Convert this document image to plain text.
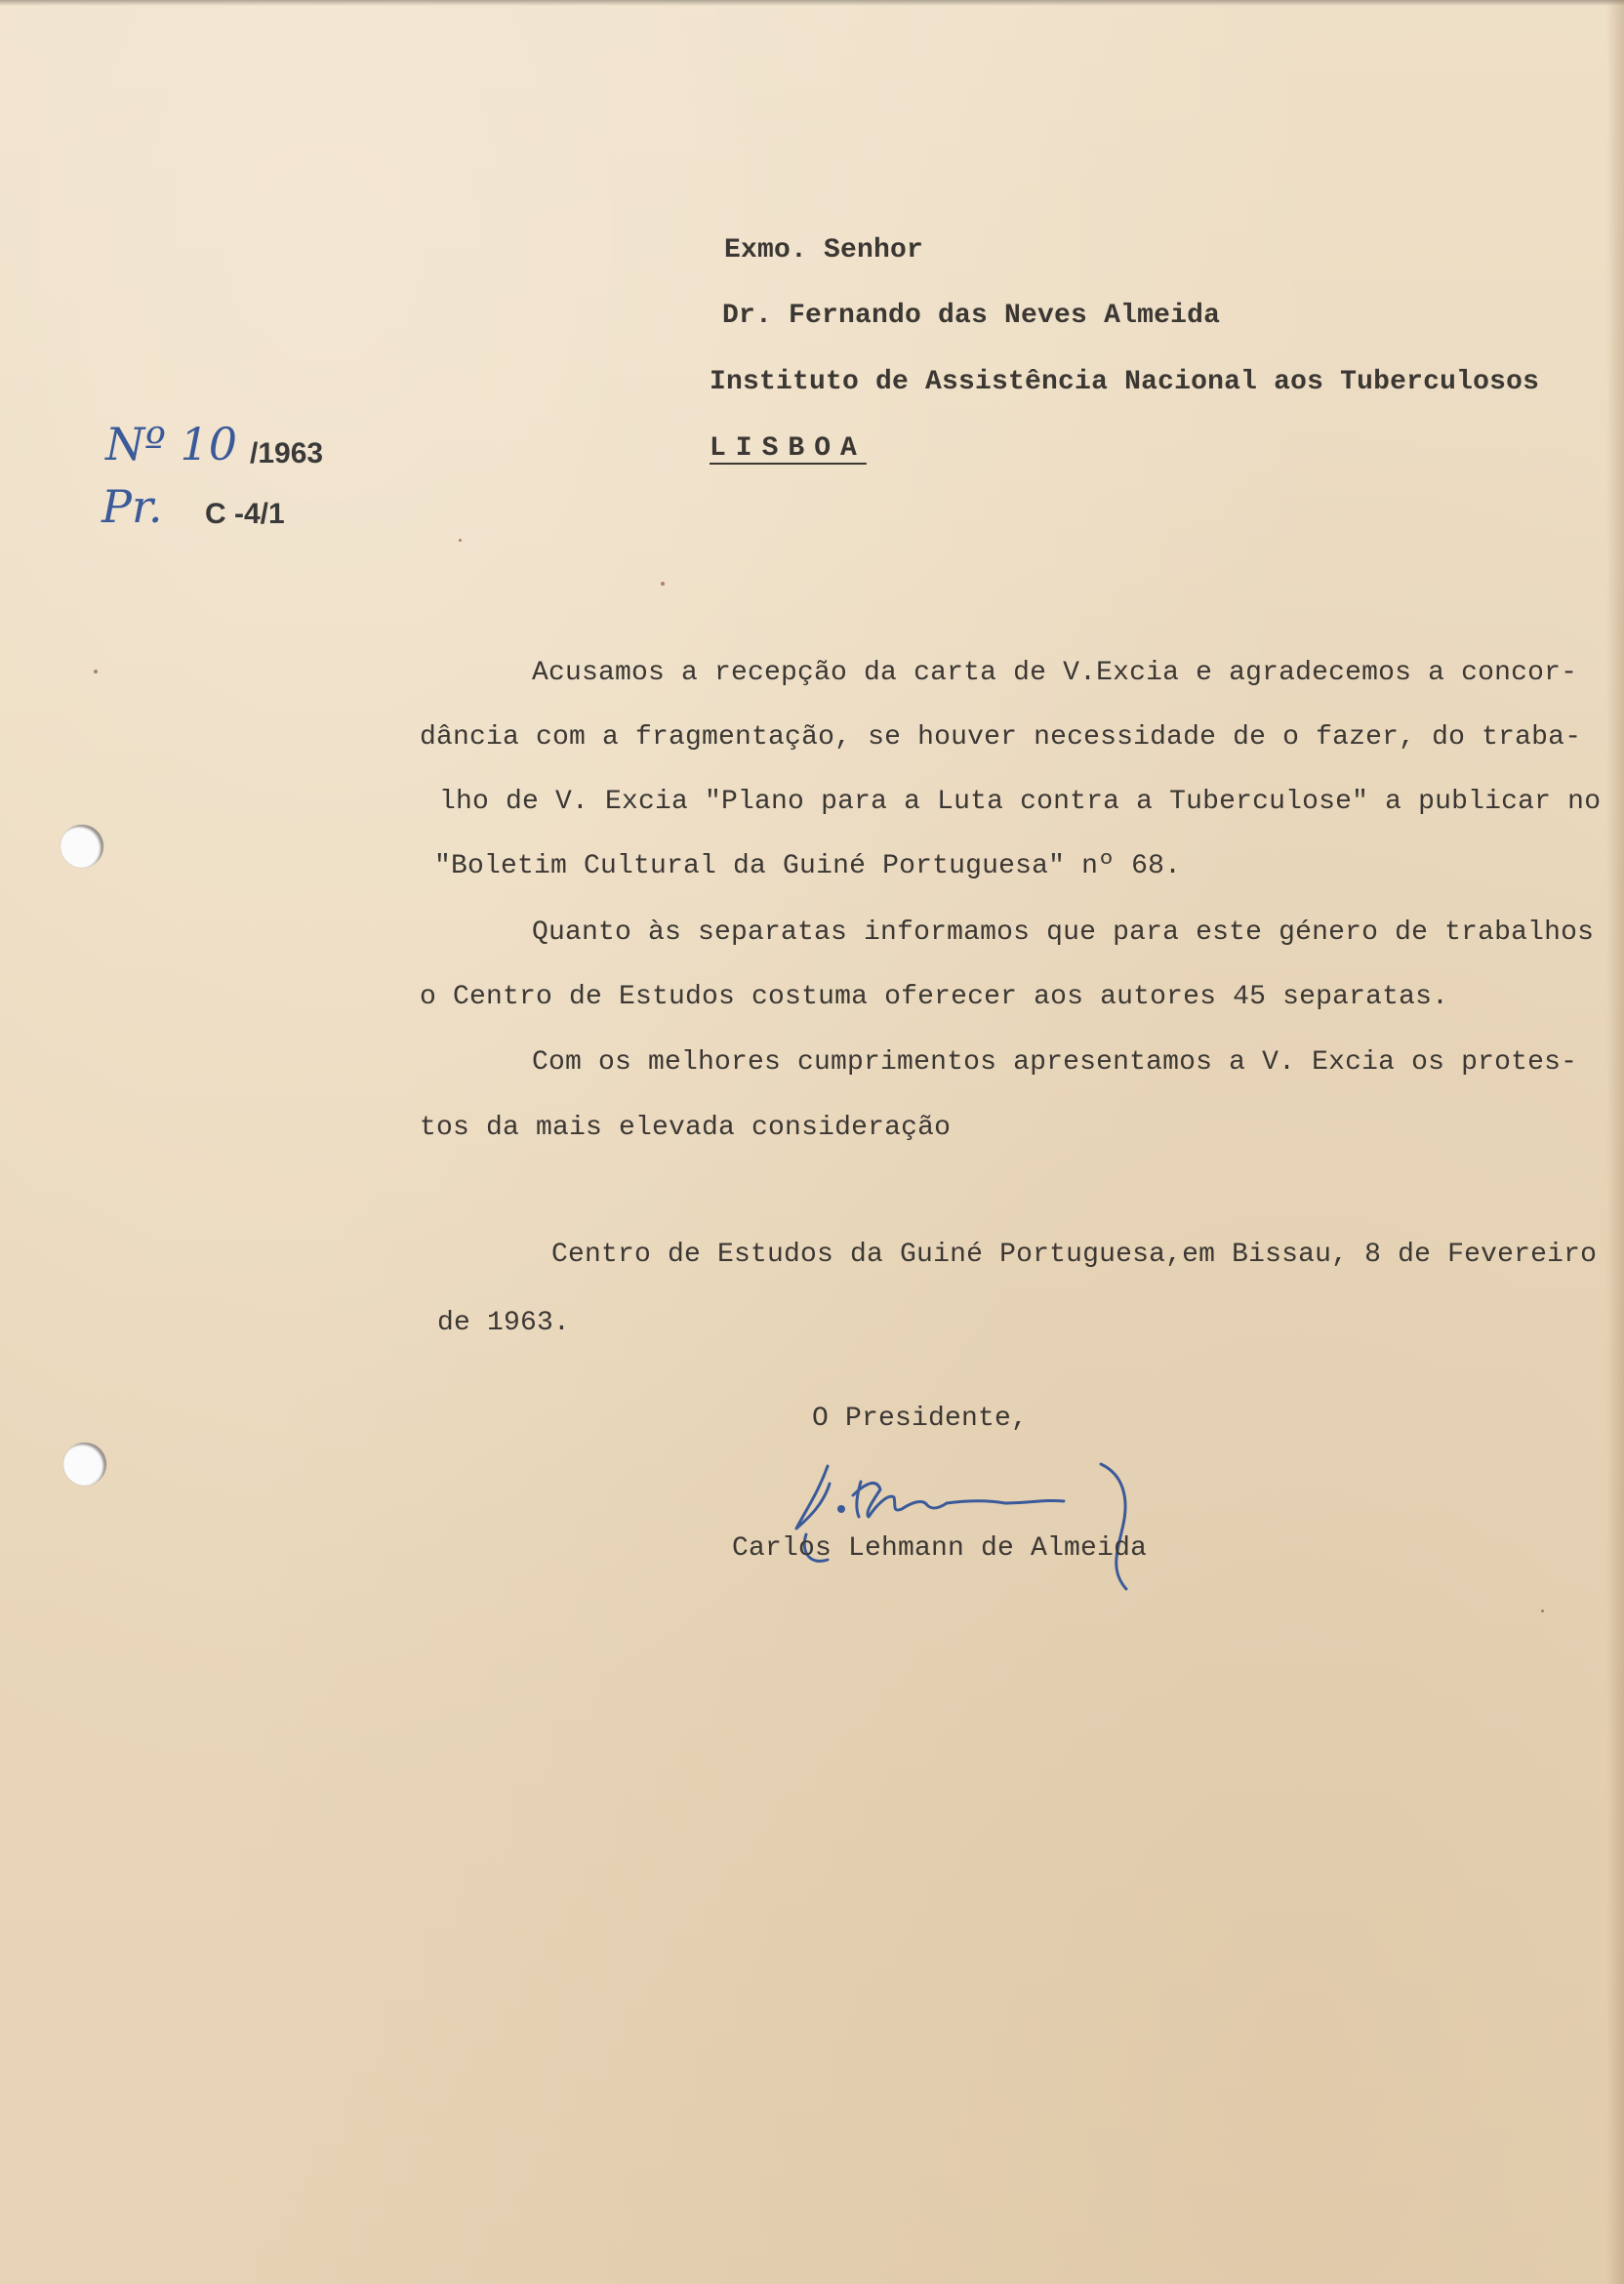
Exmo. Senhor
Dr. Fernando das Neves Almeida
Instituto de Assistência Nacional aos Tuberculosos
LISBOA
Nº 10 /1963
Pr. C -4/1
Acusamos a recepção da carta de V.Excia e agradecemos a concor-
dância com a fragmentação, se houver necessidade de o fazer, do traba-
lho de V. Excia "Plano para a Luta contra a Tuberculose" a publicar no
"Boletim Cultural da Guiné Portuguesa" nº 68.
Quanto às separatas informamos que para este género de trabalhos
o Centro de Estudos costuma oferecer aos autores 45 separatas.
Com os melhores cumprimentos apresentamos a V. Excia os protes-
tos da mais elevada consideração
Centro de Estudos da Guiné Portuguesa,em Bissau, 8 de Fevereiro
de 1963.
O Presidente,
Carlos Lehmann de Almeida
